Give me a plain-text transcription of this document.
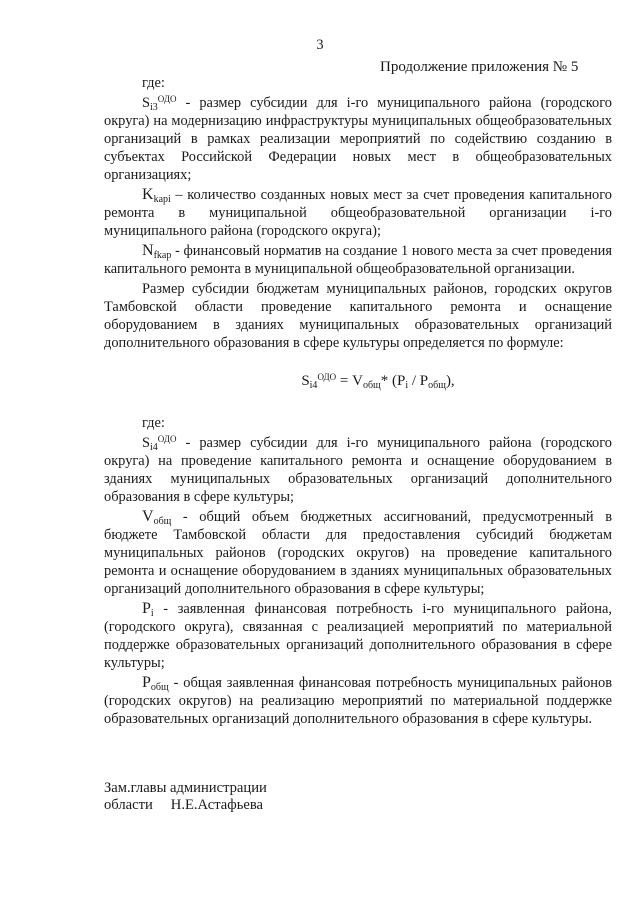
3
Продолжение приложения № 5

где:

$S_{i3}^{ОДО}$ - размер субсидии для i-го муниципального района (городского округа) на модернизацию инфраструктуры муниципальных общеобразовательных организаций в рамках реализации мероприятий по содействию созданию в субъектах Российской Федерации новых мест в общеобразовательных организациях;

$K_{kapi}$ – количество созданных новых мест за счет проведения капитального ремонта в муниципальной общеобразовательной организации i-го муниципального района (городского округа);

$N_{fkap}$ - финансовый норматив на создание 1 нового места за счет проведения капитального ремонта в муниципальной общеобразовательной организации.

Размер субсидии бюджетам муниципальных районов, городских округов Тамбовской области проведение капитального ремонта и оснащение оборудованием в зданиях муниципальных образовательных организаций дополнительного образования в сфере культуры определяется по формуле:

$S_{i4}^{ОДО} = V_{общ}*$ $(P_i / P_{общ})$,

где:

$S_{i4}^{ОДО}$ - размер субсидии для i-го муниципального района (городского округа) на проведение капитального ремонта и оснащение оборудованием в зданиях муниципальных образовательных организаций дополнительного образования в сфере культуры;

$V_{общ}$ - общий объем бюджетных ассигнований, предусмотренный в бюджете Тамбовской области для предоставления субсидий бюджетам муниципальных районов (городских округов) на проведение капитального ремонта и оснащение оборудованием в зданиях муниципальных образовательных организаций дополнительного образования в сфере культуры;

$P_i$ - заявленная финансовая потребность i-го муниципального района, (городского округа), связанная с реализацией мероприятий по материальной поддержке образовательных организаций дополнительного образования в сфере культуры;

$P_{общ}$ - общая заявленная финансовая потребность муниципальных районов (городских округов) на реализацию мероприятий по материальной поддержке образовательных организаций дополнительного образования в сфере культуры.

Зам.главы администрации
области Н.Е.Астафьева
